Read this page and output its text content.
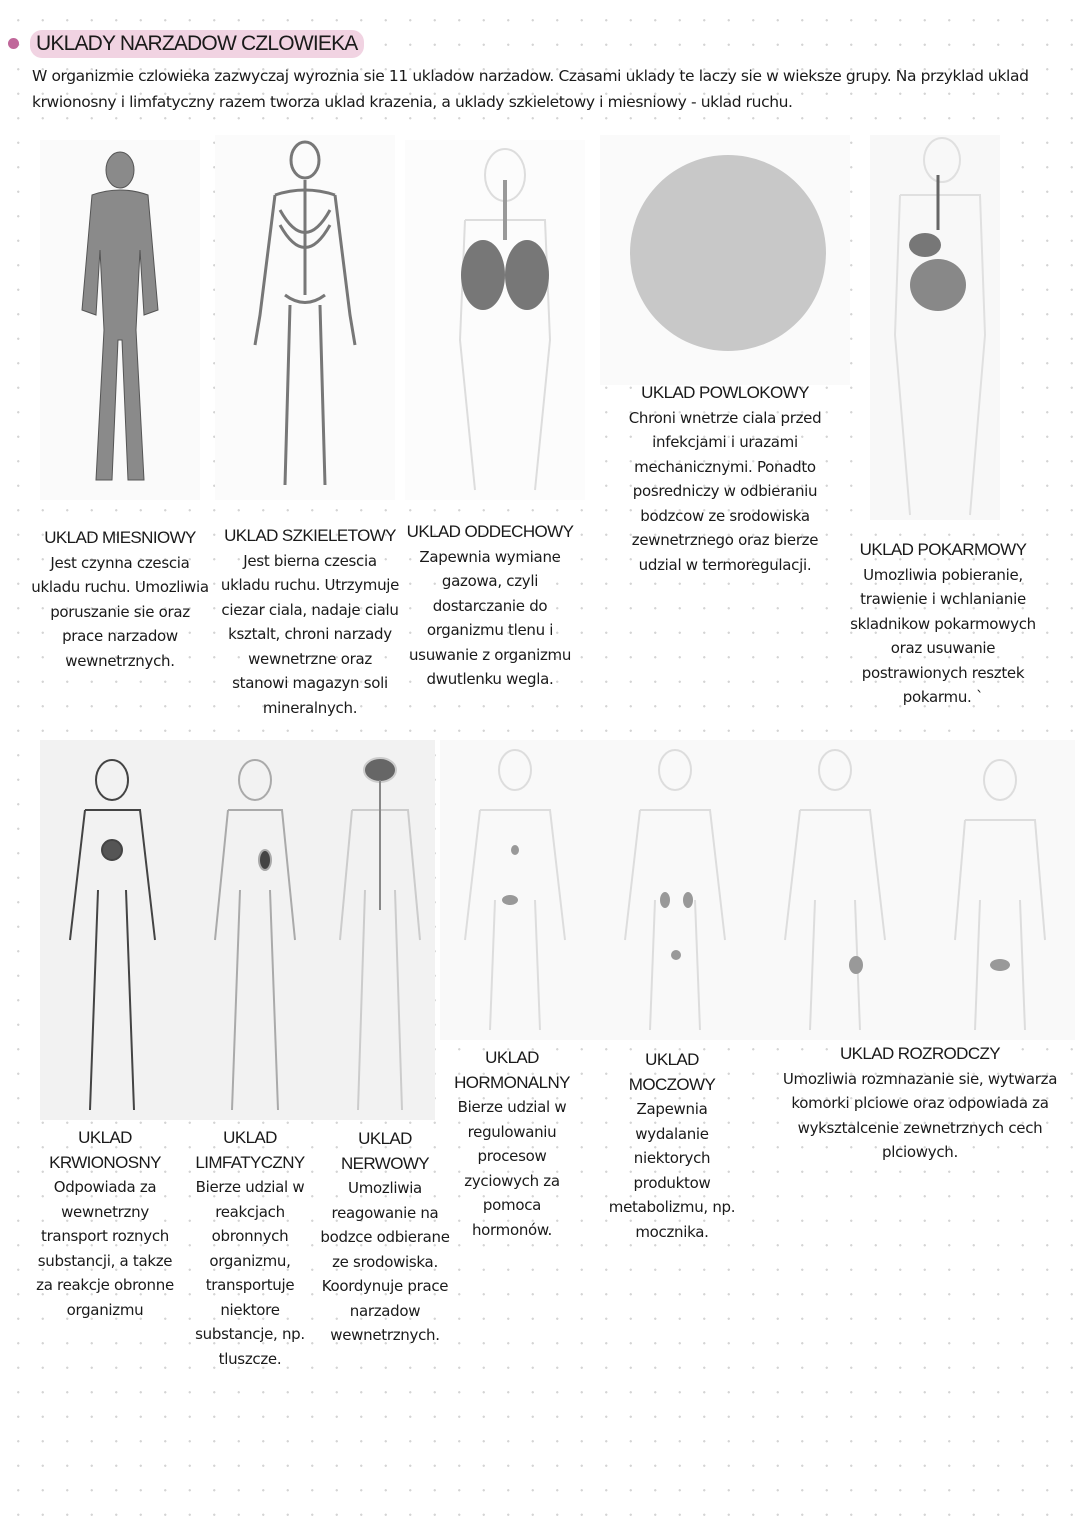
UKLADY NARZADOW CZLOWIEKA
W organizmie czlowieka zazwyczaj wyroznia sie 11 ukladow narzadow. Czasami uklady te laczy sie w wieksze grupy. Na przyklad uklad krwionosny i limfatyczny razem tworza uklad krazenia, a uklady szkieletowy i miesniowy - uklad ruchu.
UKLAD MIESNIOWY
Jest czynna czescia
ukladu ruchu. Umozliwia
poruszanie sie oraz
prace narzadow
wewnetrznych.
UKLAD SZKIELETOWY
Jest bierna czescia
ukladu ruchu. Utrzymuje
ciezar ciala, nadaje cialu
ksztalt, chroni narzady
wewnetrzne oraz
stanowi magazyn soli
mineralnych.
UKLAD ODDECHOWY
Zapewnia wymiane
gazowa, czyli
dostarczanie do
organizmu tlenu i
usuwanie z organizmu
dwutlenku wegla.
UKLAD POWLOKOWY
Chroni wnetrze ciala przed
infekcjami i urazami
mechanicznymi. Ponadto
posredniczy w odbieraniu
bodzcow ze srodowiska
zewnetrznego oraz bierze
udzial w termoregulacji.
UKLAD POKARMOWY
Umozliwia pobieranie,
trawienie i wchlanianie
skladnikow pokarmowych
oraz usuwanie
postrawionych resztek
pokarmu. `
UKLAD
KRWIONOSNY
Odpowiada za
wewnetrzny
transport roznych
substancji, a takze
za reakcje obronne
organizmu
UKLAD
LIMFATYCZNY
Bierze udzial w
reakcjach
obronnych
organizmu,
transportuje
niektore
substancje, np.
tluszcze.
UKLAD
NERWOWY
Umozliwia
reagowanie na
bodzce odbierane
ze srodowiska.
Koordynuje prace
narzadow
wewnetrznych.
UKLAD
HORMONALNY
Bierze udzial w
regulowaniu
procesow
zyciowych za
pomoca
hormonów.
UKLAD
MOCZOWY
Zapewnia
wydalanie
niektorych
produktow
metabolizmu, np.
mocznika.
UKLAD ROZRODCZY
Umozliwia rozmnazanie sie, wytwarza
komorki plciowe oraz odpowiada za
wyksztalcenie zewnetrznych cech
plciowych.
